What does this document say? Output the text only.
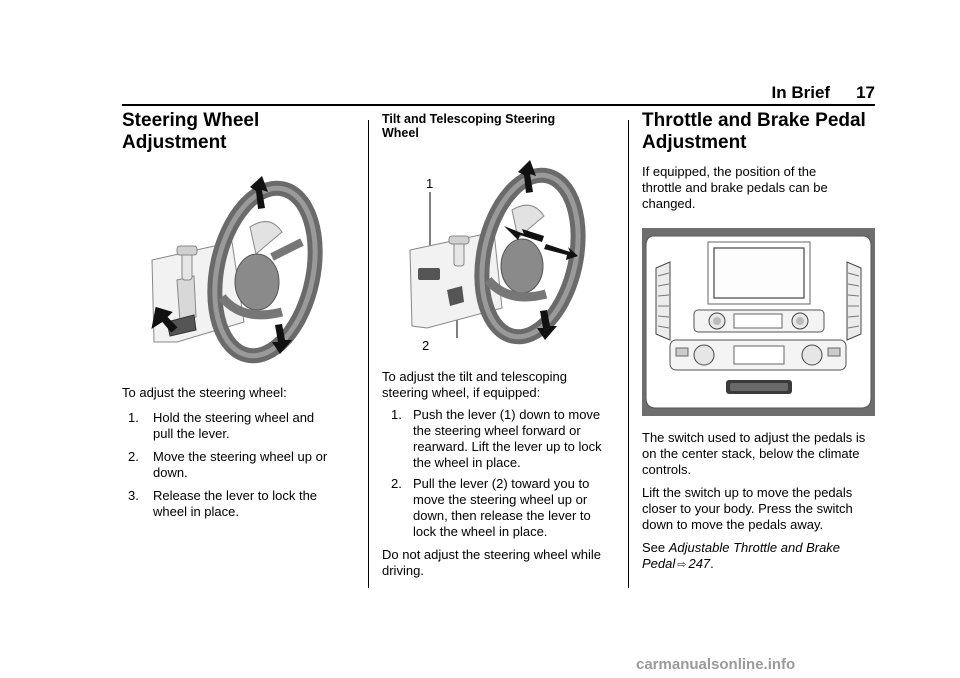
In Brief 17
Steering Wheel
Adjustment

To adjust the steering wheel:

1. Hold the steering wheel and pull the lever.
2. Move the steering wheel up or down.
3. Release the lever to lock the wheel in place.
Tilt and Telescoping Steering Wheel
1
2

To adjust the tilt and telescoping steering wheel, if equipped:

1. Push the lever (1) down to move the steering wheel forward or rearward. Lift the lever up to lock the wheel in place.
2. Pull the lever (2) toward you to move the steering wheel up or down, then release the lever to lock the wheel in place.

Do not adjust the steering wheel while driving.

Throttle and Brake Pedal
Adjustment

If equipped, the position of the throttle and brake pedals can be changed.

The switch used to adjust the pedals is on the center stack, below the climate controls.

Lift the switch up to move the pedals closer to your body. Press the switch down to move the pedals away.

See Adjustable Throttle and Brake
Pedal ⇨ 247.

carmanualsonline.info
